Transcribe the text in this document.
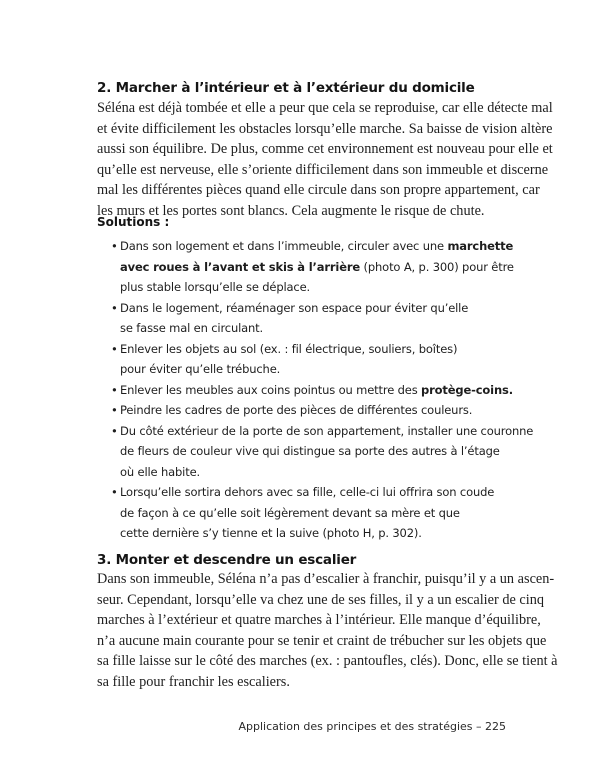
2. Marcher à l’intérieur et à l’extérieur du domicile
Séléna est déjà tombée et elle a peur que cela se reproduise, car elle détecte mal
et évite difficilement les obstacles lorsqu’elle marche. Sa baisse de vision altère
aussi son équilibre. De plus, comme cet environnement est nouveau pour elle et
qu’elle est nerveuse, elle s’oriente difficilement dans son immeuble et discerne
mal les différentes pièces quand elle circule dans son propre appartement, car
les murs et les portes sont blancs. Cela augmente le risque de chute.
Solutions :
• Dans son logement et dans l’immeuble, circuler avec une marchette
avec roues à l’avant et skis à l’arrière (photo A, p. 300) pour être
plus stable lorsqu’elle se déplace.
• Dans le logement, réaménager son espace pour éviter qu’elle
se fasse mal en circulant.
• Enlever les objets au sol (ex. : fil électrique, souliers, boîtes)
pour éviter qu’elle trébuche.
• Enlever les meubles aux coins pointus ou mettre des protège-coins.
• Peindre les cadres de porte des pièces de différentes couleurs.
• Du côté extérieur de la porte de son appartement, installer une couronne
de fleurs de couleur vive qui distingue sa porte des autres à l’étage
où elle habite.
• Lorsqu’elle sortira dehors avec sa fille, celle-ci lui offrira son coude
de façon à ce qu’elle soit légèrement devant sa mère et que
cette dernière s’y tienne et la suive (photo H, p. 302).
3. Monter et descendre un escalier
Dans son immeuble, Séléna n’a pas d’escalier à franchir, puisqu’il y a un ascen-
seur. Cependant, lorsqu’elle va chez une de ses filles, il y a un escalier de cinq
marches à l’extérieur et quatre marches à l’intérieur. Elle manque d’équilibre,
n’a aucune main courante pour se tenir et craint de trébucher sur les objets que
sa fille laisse sur le côté des marches (ex. : pantoufles, clés). Donc, elle se tient à
sa fille pour franchir les escaliers.
Application des principes et des stratégies – 225
